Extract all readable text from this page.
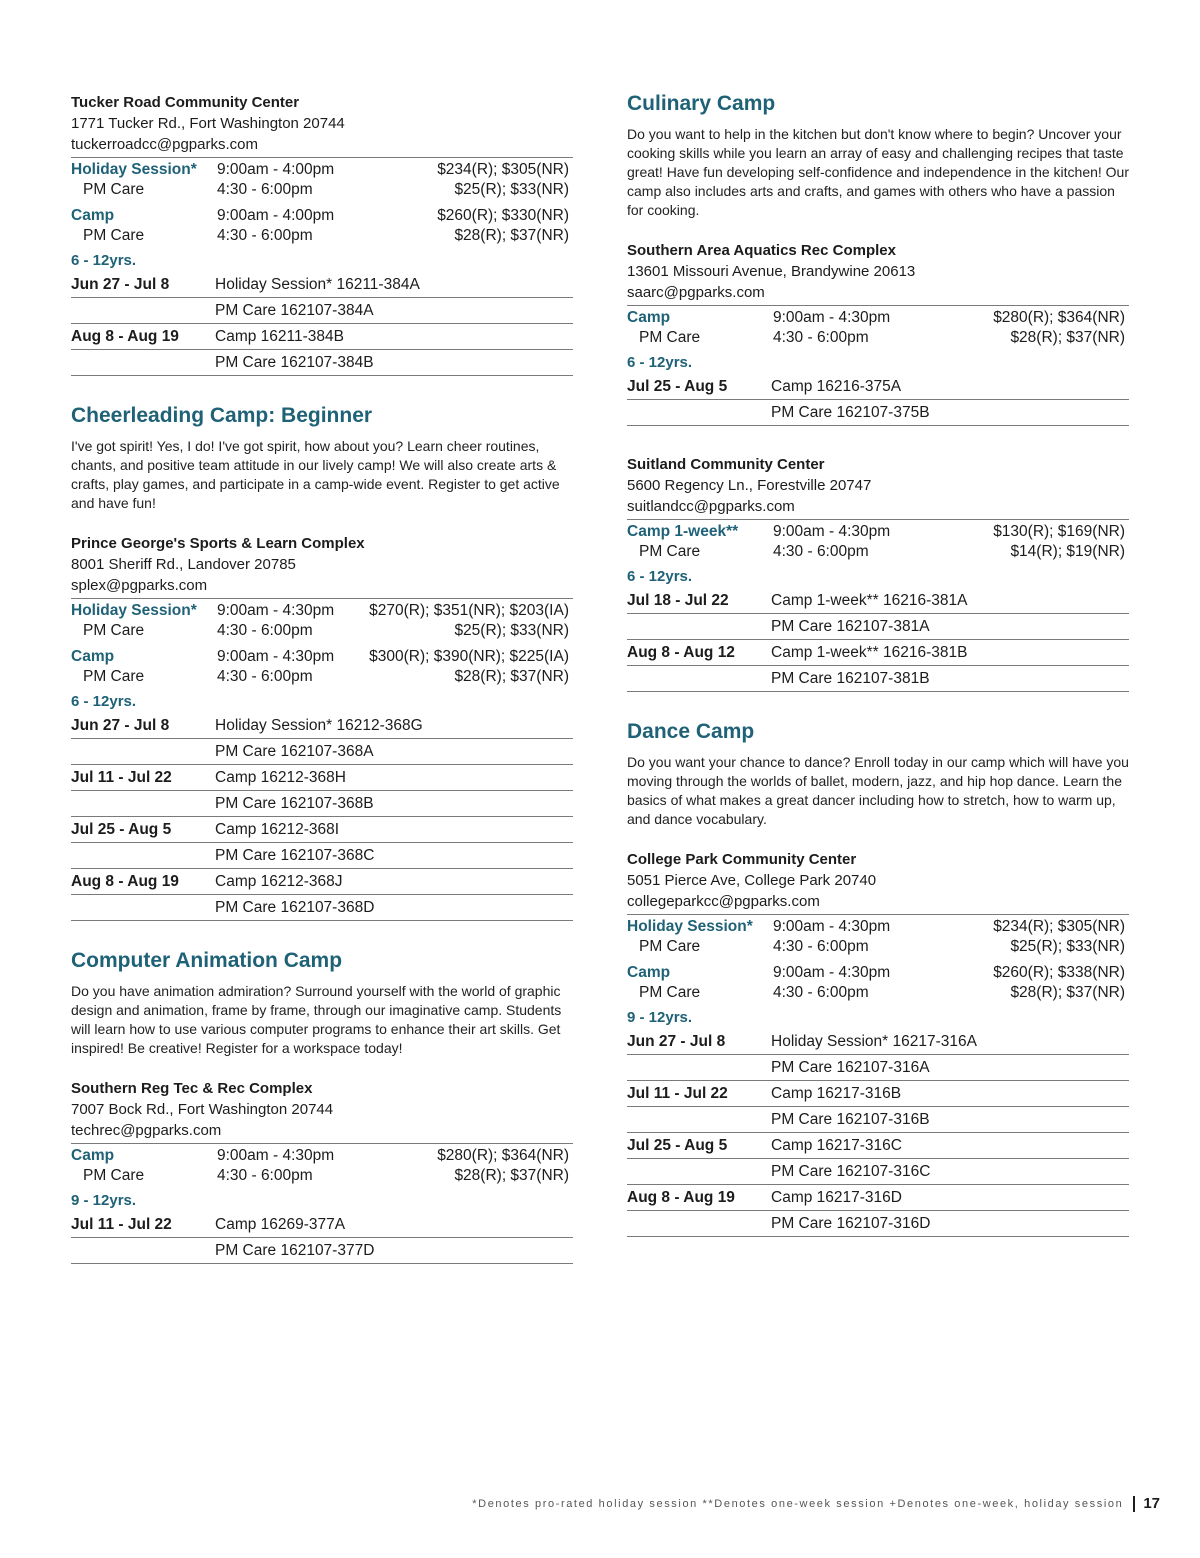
Tucker Road Community Center
1771 Tucker Rd., Fort Washington 20744
tuckerroadcc@pgparks.com
Holiday Session*	9:00am - 4:00pm	$234(R); $305(NR)
PM Care	4:30 - 6:00pm	$25(R); $33(NR)
Camp	9:00am - 4:00pm	$260(R); $330(NR)
PM Care	4:30 - 6:00pm	$28(R); $37(NR)
6 - 12yrs.
Jun 27 - Jul 8	Holiday Session* 16211-384A
PM Care 162107-384A
Aug 8 - Aug 19	Camp 16211-384B
PM Care 162107-384B
Cheerleading Camp: Beginner

I've got spirit! Yes, I do! I've got spirit, how about you? Learn cheer routines, chants, and positive team attitude in our lively camp! We will also create arts & crafts, play games, and participate in a camp-wide event. Register to get active and have fun!

Prince George's Sports & Learn Complex
8001 Sheriff Rd., Landover 20785
splex@pgparks.com
Holiday Session*	9:00am - 4:30pm	$270(R); $351(NR); $203(IA)
PM Care	4:30 - 6:00pm	$25(R); $33(NR)
Camp	9:00am - 4:30pm	$300(R); $390(NR); $225(IA)
PM Care	4:30 - 6:00pm	$28(R); $37(NR)
6 - 12yrs.
Jun 27 - Jul 8	Holiday Session* 16212-368G
PM Care 162107-368A
Jul 11 - Jul 22	Camp 16212-368H
PM Care 162107-368B
Jul 25 - Aug 5	Camp 16212-368I
PM Care 162107-368C
Aug 8 - Aug 19	Camp 16212-368J
PM Care 162107-368D
Computer Animation Camp

Do you have animation admiration? Surround yourself with the world of graphic design and animation, frame by frame, through our imaginative camp. Students will learn how to use various computer programs to enhance their art skills. Get inspired! Be creative! Register for a workspace today!

Southern Reg Tec & Rec Complex
7007 Bock Rd., Fort Washington 20744
techrec@pgparks.com
Camp	9:00am - 4:30pm	$280(R); $364(NR)
PM Care	4:30 - 6:00pm	$28(R); $37(NR)
9 - 12yrs.
Jul 11 - Jul 22	Camp 16269-377A
PM Care 162107-377D
Culinary Camp

Do you want to help in the kitchen but don't know where to begin? Uncover your cooking skills while you learn an array of easy and challenging recipes that taste great! Have fun developing self-confidence and independence in the kitchen! Our camp also includes arts and crafts, and games with others who have a passion for cooking.

Southern Area Aquatics Rec Complex
13601 Missouri Avenue, Brandywine 20613
saarc@pgparks.com
Camp	9:00am - 4:30pm	$280(R); $364(NR)
PM Care	4:30 - 6:00pm	$28(R); $37(NR)
6 - 12yrs.
Jul 25 - Aug 5	Camp 16216-375A
PM Care 162107-375B
Suitland Community Center
5600 Regency Ln., Forestville 20747
suitlandcc@pgparks.com
Camp 1-week**	9:00am - 4:30pm	$130(R); $169(NR)
PM Care	4:30 - 6:00pm	$14(R); $19(NR)
6 - 12yrs.
Jul 18 - Jul 22	Camp 1-week** 16216-381A
PM Care 162107-381A
Aug 8 - Aug 12	Camp 1-week** 16216-381B
PM Care 162107-381B
Dance Camp

Do you want your chance to dance? Enroll today in our camp which will have you moving through the worlds of ballet, modern, jazz, and hip hop dance. Learn the basics of what makes a great dancer including how to stretch, how to warm up, and dance vocabulary.

College Park Community Center
5051 Pierce Ave, College Park 20740
collegeparkcc@pgparks.com
Holiday Session*	9:00am - 4:30pm	$234(R); $305(NR)
PM Care	4:30 - 6:00pm	$25(R); $33(NR)
Camp	9:00am - 4:30pm	$260(R); $338(NR)
PM Care	4:30 - 6:00pm	$28(R); $37(NR)
9 - 12yrs.
Jun 27 - Jul 8	Holiday Session* 16217-316A
PM Care 162107-316A
Jul 11 - Jul 22	Camp 16217-316B
PM Care 162107-316B
Jul 25 - Aug 5	Camp 16217-316C
PM Care 162107-316C
Aug 8 - Aug 19	Camp 16217-316D
PM Care 162107-316D
*Denotes pro-rated holiday session **Denotes one-week session +Denotes one-week, holiday session 17
